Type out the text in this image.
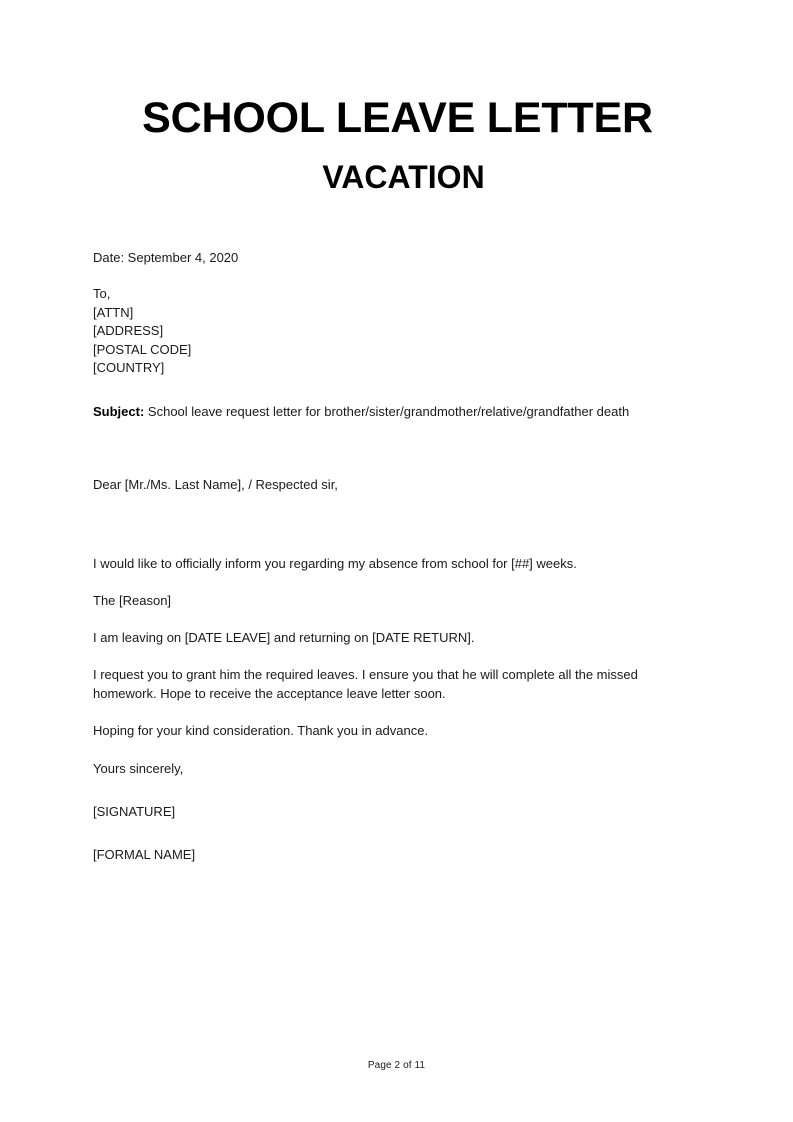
SCHOOL LEAVE LETTER
VACATION

Date: September 4, 2020

To,

[ATTN]

[ADDRESS]

[POSTAL CODE]

[COUNTRY]

Subject: School leave request letter for brother/sister/grandmother/relative/grandfather death

Dear [Mr./Ms. Last Name], / Respected sir,

I would like to officially inform you regarding my absence from school for [##] weeks.

The [Reason]

I am leaving on [DATE LEAVE] and returning on [DATE RETURN].

I request you to grant him the required leaves. I ensure you that he will complete all the missed homework. Hope to receive the acceptance leave letter soon.

Hoping for your kind consideration. Thank you in advance.

Yours sincerely,

[SIGNATURE]

[FORMAL NAME]

Page 2 of 11
